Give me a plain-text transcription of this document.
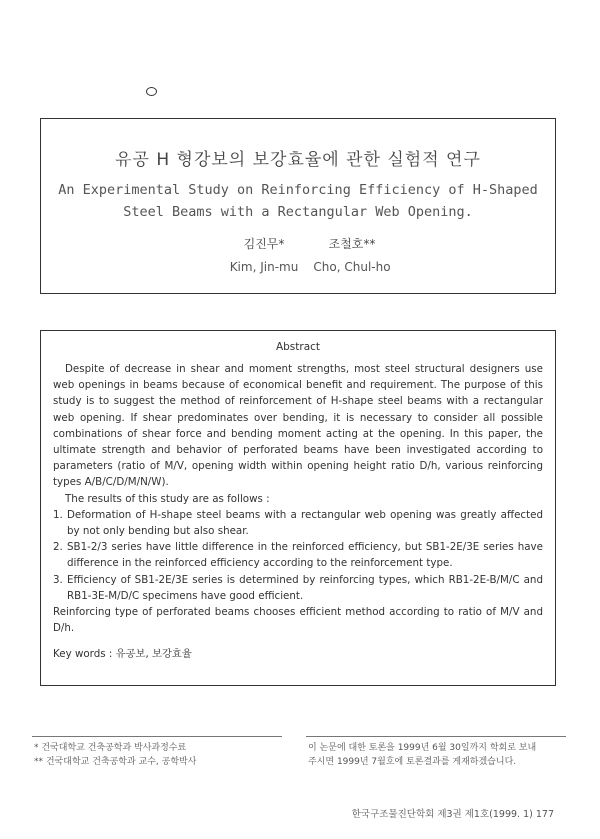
유공 H 형강보의 보강효율에 관한 실험적 연구
An Experimental Study on Reinforcing Efficiency of H-Shaped
Steel Beams with a Rectangular Web Opening.
김진무*
Kim, Jin-mu
조철호**
Cho, Chul-ho
Abstract

Despite of decrease in shear and moment strengths, most steel structural designers use web openings in beams because of economical benefit and requirement. The purpose of this study is to suggest the method of reinforcement of H-shape steel beams with a rectangular web opening. If shear predominates over bending, it is necessary to consider all possible combinations of shear force and bending moment acting at the opening. In this paper, the ultimate strength and behavior of perforated beams have been investigated according to parameters (ratio of M/V, opening width within opening height ratio D/h, various reinforcing types A/B/C/D/M/N/W).

The results of this study are as follows :

1. Deformation of H-shape steel beams with a rectangular web opening was greatly affected by not only bending but also shear.
2. SB1-2/3 series have little difference in the reinforced efficiency, but SB1-2E/3E series have difference in the reinforced efficiency according to the reinforcement type.
3. Efficiency of SB1-2E/3E series is determined by reinforcing types, which RB1-2E-B/M/C and RB1-3E-M/D/C specimens have good efficient.

Reinforcing type of perforated beams chooses efficient method according to ratio of M/V and D/h.

Key words : 유공보, 보강효율

* 건국대학교 건축공학과 박사과정수료
** 건국대학교 건축공학과 교수, 공학박사
이 논문에 대한 토론을 1999년 6월 30일까지 학회로 보내
주시면 1999년 7월호에 토론결과를 게재하겠습니다.
한국구조물진단학회 제3권 제1호(1999. 1) 177
